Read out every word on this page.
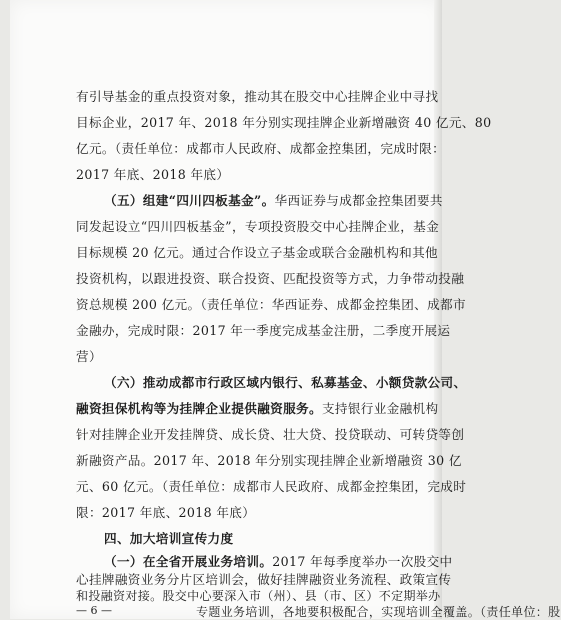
有引导基金的重点投资对象，推动其在股交中心挂牌企业中寻找
目标企业，2017 年、2018 年分别实现挂牌企业新增融资 40 亿元、80
亿元。（责任单位：成都市人民政府、成都金控集团，完成时限：
2017 年底、2018 年底）
（五）组建“四川四板基金”。华西证券与成都金控集团要共
同发起设立“四川四板基金”，专项投资股交中心挂牌企业，基金
目标规模 20 亿元。通过合作设立子基金或联合金融机构和其他
投资机构，以跟进投资、联合投资、匹配投资等方式，力争带动投融
资总规模 200 亿元。（责任单位：华西证券、成都金控集团、成都市
金融办，完成时限：2017 年一季度完成基金注册，二季度开展运
营）
（六）推动成都市行政区域内银行、私募基金、小额贷款公司、
融资担保机构等为挂牌企业提供融资服务。支持银行业金融机构
针对挂牌企业开发挂牌贷、成长贷、壮大贷、投贷联动、可转贷等创
新融资产品。2017 年、2018 年分别实现挂牌企业新增融资 30 亿
元、60 亿元。（责任单位：成都市人民政府、成都金控集团，完成时
限：2017 年底、2018 年底）
四、加大培训宣传力度
（一）在全省开展业务培训。2017 年每季度举办一次股交中
心挂牌融资业务分片区培训会，做好挂牌融资业务流程、政策宣传
和投融资对接。股交中心要深入市（州）、县（市、区）不定期举办
专题业务培训，各地要积极配合，实现培训全覆盖。（责任单位：股
— 6 —
